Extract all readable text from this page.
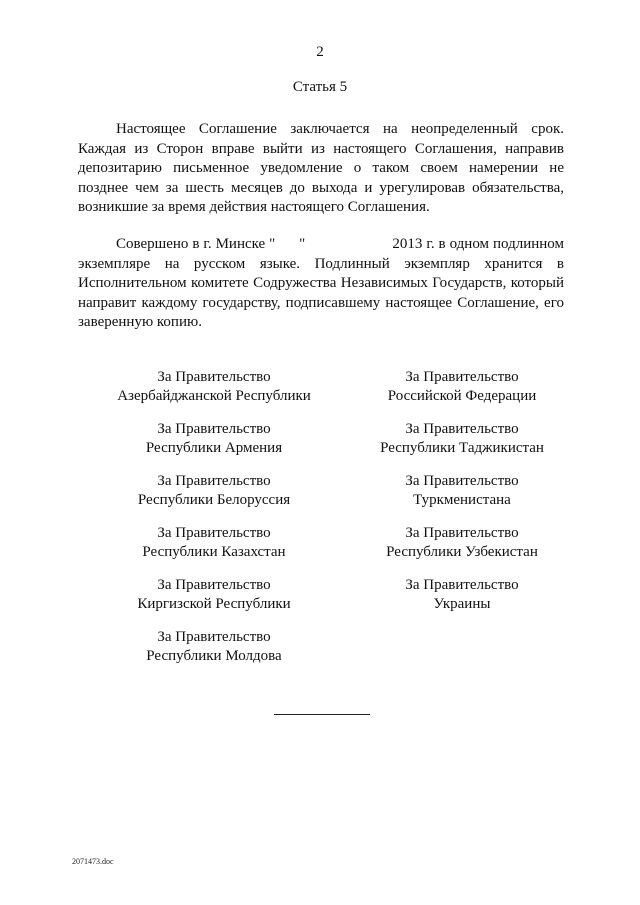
2
Статья 5

Настоящее Соглашение заключается на неопределенный срок. Каждая из Сторон вправе выйти из настоящего Соглашения, направив депозитарию письменное уведомление о таком своем намерении не позднее чем за шесть месяцев до выхода и урегулировав обязательства, возникшие за время действия настоящего Соглашения.

Совершено в г. Минске "      "                      2013 г. в одном подлинном экземпляре на русском языке. Подлинный экземпляр хранится в Исполнительном комитете Содружества Независимых Государств, который направит каждому государству, подписавшему настоящее Соглашение, его заверенную копию.

За Правительство
Азербайджанской Республики
За Правительство
Республики Армения
За Правительство
Республики Белоруссия
За Правительство
Республики Казахстан
За Правительство
Киргизской Республики
За Правительство
Республики Молдова
За Правительство
Российской Федерации
За Правительство
Республики Таджикистан
За Правительство
Туркменистана
За Правительство
Республики Узбекистан
За Правительство
Украины
2071473.doc
